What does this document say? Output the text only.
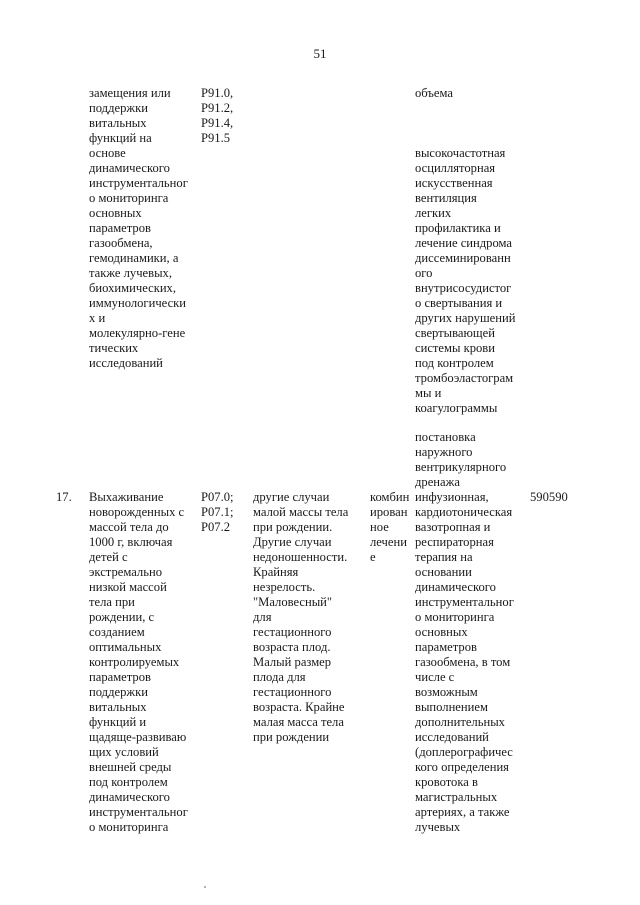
51
замещения или
поддержки
витальных
функций на
основе
динамического
инструментальног
о мониторинга
основных
параметров
газообмена,
гемодинамики, а
также лучевых,
биохимических,
иммунологически
х и
молекулярно-гене
тических
исследований
Р91.0,
Р91.2,
Р91.4,
Р91.5
объема
высокочастотная
осцилляторная
искусственная
вентиляция
легких
профилактика и
лечение синдрома
диссеминированн
ого
внутрисосудистог
о свертывания и
других нарушений
свертывающей
системы крови
под контролем
тромбоэластограм
мы и
коагулограммы
постановка
наружного
вентрикулярного
дренажа
17.	Выхаживание
новорожденных с
массой тела до
1000 г, включая
детей с
экстремально
низкой массой
тела при
рождении, с
созданием
оптимальных
контролируемых
параметров
поддержки
витальных
функций и
щадяще-развиваю
щих условий
внешней среды
под контролем
динамического
инструментальног
о мониторинга
Р07.0;
Р07.1;
Р07.2
другие случаи
малой массы тела
при рождении.
Другие случаи
недоношенности.
Крайняя
незрелость.
"Маловесный"
для
гестационного
возраста плод.
Малый размер
плода для
гестационного
возраста. Крайне
малая масса тела
при рождении
комбин
ирован
ное
лечени
е
инфузионная,
кардиотоническая
вазотропная и
респираторная
терапия на
основании
динамического
инструментальног
о мониторинга
основных
параметров
газообмена, в том
числе с
возможным
выполнением
дополнительных
исследований
(доплерографичес
кого определения
кровотока в
магистральных
артериях, а также
лучевых
590590
